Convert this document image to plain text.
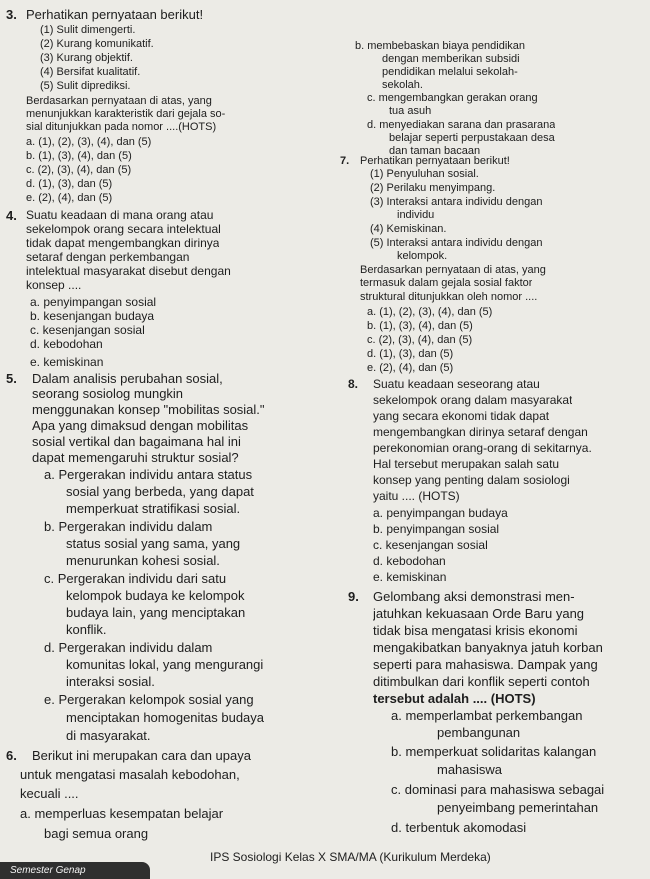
3. Perhatikan pernyataan berikut!
(1) Sulit dimengerti.
(2) Kurang komunikatif.
(3) Kurang objektif.
(4) Bersifat kualitatif.
(5) Sulit diprediksi.
Berdasarkan pernyataan di atas, yang
menunjukkan karakteristik dari gejala so-
sial ditunjukkan pada nomor ....(HOTS)
a. (1), (2), (3), (4), dan (5)
b. (1), (3), (4), dan (5)
c. (2), (3), (4), dan (5)
d. (1), (3), dan (5)
e. (2), (4), dan (5)
4. Suatu keadaan di mana orang atau
sekelompok orang secara intelektual
tidak dapat mengembangkan dirinya
setaraf dengan perkembangan
intelektual masyarakat disebut dengan
konsep ....
a. penyimpangan sosial
b. kesenjangan budaya
c. kesenjangan sosial
d. kebodohan
e. kemiskinan
5. Dalam analisis perubahan sosial,
seorang sosiolog mungkin
menggunakan konsep "mobilitas sosial."
Apa yang dimaksud dengan mobilitas
sosial vertikal dan bagaimana hal ini
dapat memengaruhi struktur sosial?
a. Pergerakan individu antara status
sosial yang berbeda, yang dapat
memperkuat stratifikasi sosial.
b. Pergerakan individu dalam
status sosial yang sama, yang
menurunkan kohesi sosial.
c. Pergerakan individu dari satu
kelompok budaya ke kelompok
budaya lain, yang menciptakan
konflik.
d. Pergerakan individu dalam
komunitas lokal, yang mengurangi
interaksi sosial.
e. Pergerakan kelompok sosial yang
menciptakan homogenitas budaya
di masyarakat.
6. Berikut ini merupakan cara dan upaya
untuk mengatasi masalah kebodohan,
kecuali ....
a. memperluas kesempatan belajar
bagi semua orang
b. membebaskan biaya pendidikan
dengan memberikan subsidi
pendidikan melalui sekolah-
sekolah.
c. mengembangkan gerakan orang
tua asuh
d. menyediakan sarana dan prasarana
belajar seperti perpustakaan desa
dan taman bacaan
7. Perhatikan pernyataan berikut!
(1) Penyuluhan sosial.
(2) Perilaku menyimpang.
(3) Interaksi antara individu dengan
individu
(4) Kemiskinan.
(5) Interaksi antara individu dengan
kelompok.
Berdasarkan pernyataan di atas, yang
termasuk dalam gejala sosial faktor
struktural ditunjukkan oleh nomor ....
a. (1), (2), (3), (4), dan (5)
b. (1), (3), (4), dan (5)
c. (2), (3), (4), dan (5)
d. (1), (3), dan (5)
e. (2), (4), dan (5)
8. Suatu keadaan seseorang atau
sekelompok orang dalam masyarakat
yang secara ekonomi tidak dapat
mengembangkan dirinya setaraf dengan
perekonomian orang-orang di sekitarnya.
Hal tersebut merupakan salah satu
konsep yang penting dalam sosiologi
yaitu .... (HOTS)
a. penyimpangan budaya
b. penyimpangan sosial
c. kesenjangan sosial
d. kebodohan
e. kemiskinan
9. Gelombang aksi demonstrasi men-
jatuhkan kekuasaan Orde Baru yang
tidak bisa mengatasi krisis ekonomi
mengakibatkan banyaknya jatuh korban
seperti para mahasiswa. Dampak yang
ditimbulkan dari konflik seperti contoh
tersebut adalah .... (HOTS)
a. memperlambat perkembangan
pembangunan
b. memperkuat solidaritas kalangan
mahasiswa
c. dominasi para mahasiswa sebagai
penyeimbang pemerintahan
d. terbentuk akomodasi
Semester Genap
IPS Sosiologi Kelas X SMA/MA (Kurikulum Merdeka)
